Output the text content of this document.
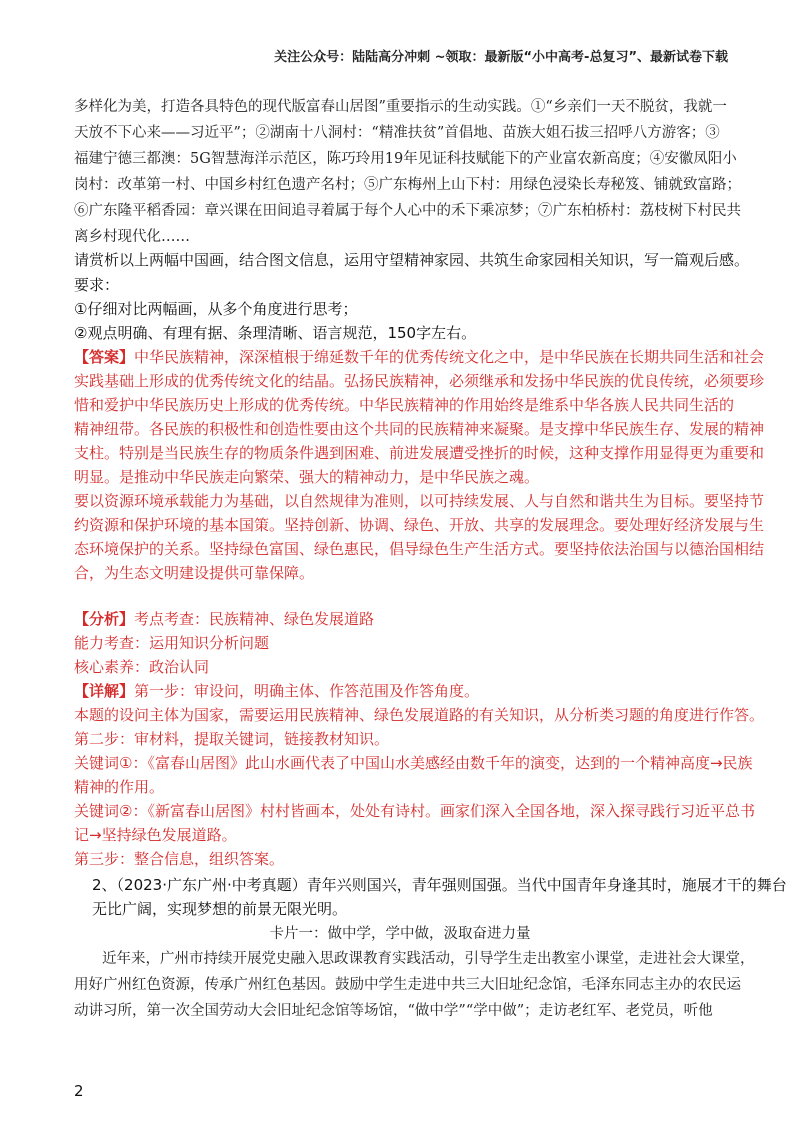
关注公众号：陆陆高分冲刺 ~领取：最新版“小中高考-总复习”、最新试卷下载
多样化为美，打造各具特色的现代版富春山居图”重要指示的生动实践。①“乡亲们一天不脱贫，我就一
天放不下心来——习近平”；②湖南十八洞村：“精准扶贫”首倡地、苗族大姐石拔三招呼八方游客；③
福建宁德三都澳：5G智慧海洋示范区，陈巧玲用19年见证科技赋能下的产业富农新高度；④安徽凤阳小
岗村：改革第一村、中国乡村红色遗产名村；⑤广东梅州上山下村：用绿色浸染长寿秘笈、铺就致富路；
⑥广东隆平稻香园：章兴课在田间追寻着属于每个人心中的禾下乘凉梦；⑦广东柏桥村：荔枝树下村民共
离乡村现代化……
请赏析以上两幅中国画，结合图文信息，运用守望精神家园、共筑生命家园相关知识，写一篇观后感。
要求：
①仔细对比两幅画，从多个角度进行思考；
②观点明确、有理有据、条理清晰、语言规范，150字左右。
【答案】中华民族精神，深深植根于绵延数千年的优秀传统文化之中，是中华民族在长期共同生活和社会
实践基础上形成的优秀传统文化的结晶。弘扬民族精神，必须继承和发扬中华民族的优良传统，必须要珍
惜和爱护中华民族历史上形成的优秀传统。中华民族精神的作用始终是维系中华各族人民共同生活的
精神纽带。各民族的积极性和创造性要由这个共同的民族精神来凝聚。是支撑中华民族生存、发展的精神
支柱。特别是当民族生存的物质条件遇到困难、前进发展遭受挫折的时候，这种支撑作用显得更为重要和
明显。是推动中华民族走向繁荣、强大的精神动力，是中华民族之魂。
要以资源环境承载能力为基础，以自然规律为准则，以可持续发展、人与自然和谐共生为目标。要坚持节
约资源和保护环境的基本国策。坚持创新、协调、绿色、开放、共享的发展理念。要处理好经济发展与生
态环境保护的关系。坚持绿色富国、绿色惠民，倡导绿色生产生活方式。要坚持依法治国与以德治国相结
合，为生态文明建设提供可靠保障。
【分析】考点考查：民族精神、绿色发展道路
能力考查：运用知识分析问题
核心素养：政治认同
【详解】第一步：审设问，明确主体、作答范围及作答角度。
本题的设问主体为国家，需要运用民族精神、绿色发展道路的有关知识，从分析类习题的角度进行作答。
第二步：审材料，提取关键词，链接教材知识。
关键词①：《富春山居图》此山水画代表了中国山水美感经由数千年的演变，达到的一个精神高度→民族
精神的作用。
关键词②：《新富春山居图》村村皆画本，处处有诗村。画家们深入全国各地，深入探寻践行习近平总书
记→坚持绿色发展道路。
第三步：整合信息，组织答案。
2、（2023·广东广州·中考真题）青年兴则国兴，青年强则国强。当代中国青年身逢其时，施展才干的舞台
无比广阔，实现梦想的前景无限光明。
卡片一：做中学，学中做，汲取奋进力量
近年来，广州市持续开展党史融入思政课教育实践活动，引导学生走出教室小课堂，走进社会大课堂，
用好广州红色资源，传承广州红色基因。鼓励中学生走进中共三大旧址纪念馆，毛泽东同志主办的农民运
动讲习所，第一次全国劳动大会旧址纪念馆等场馆，“做中学”“学中做”；走访老红军、老党员，听他
2
